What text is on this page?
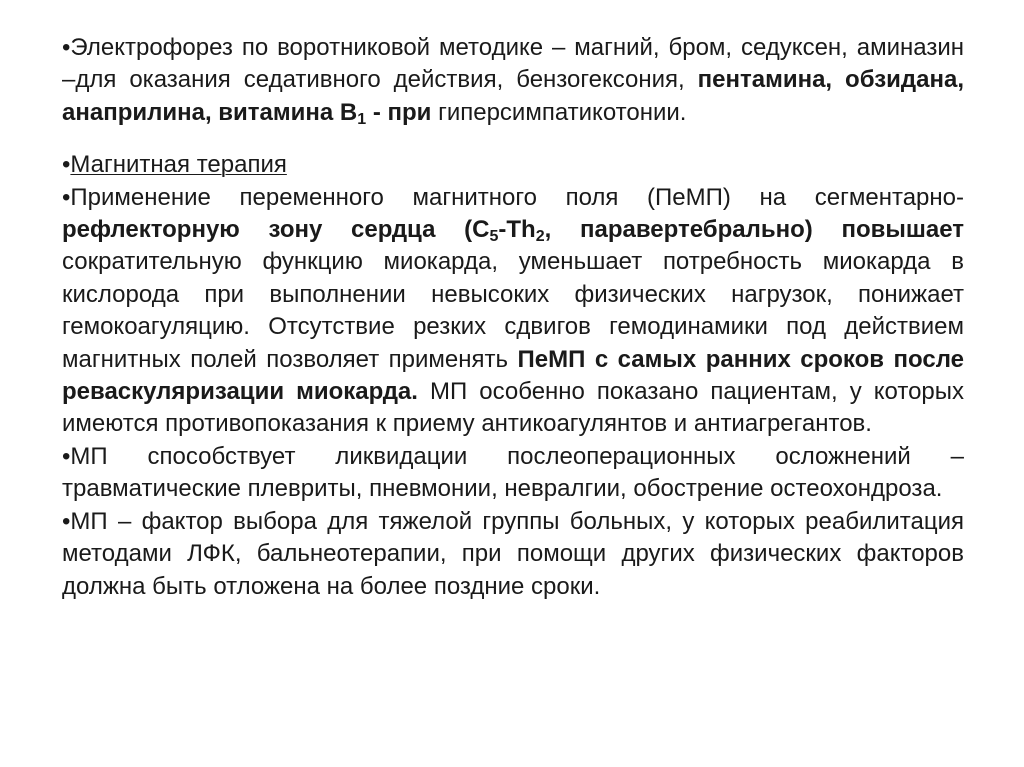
•Электрофорез по воротниковой методике – магний, бром, седуксен, аминазин –для оказания седативного действия, бензогексония, пентамина, обзидана, анаприлина, витамина $В_1$ - при гиперсимпатикотонии.

•Магнитная терапия

•Применение переменного магнитного поля (ПеМП) на сегментарно-рефлекторную зону сердца ($С_5-Th_2$, паравертебрально) повышает сократительную функцию миокарда, уменьшает потребность миокарда в кислорода при выполнении невысоких физических нагрузок, понижает гемокоагуляцию. Отсутствие резких сдвигов гемодинамики под действием магнитных полей позволяет применять ПеМП с самых ранних сроков после реваскуляризации миокарда. МП особенно показано пациентам, у которых имеются противопоказания к приему антикоагулянтов и антиагрегантов.

•МП способствует ликвидации послеоперационных осложнений – травматические плевриты, пневмонии, невралгии, обострение остеохондроза.

•МП – фактор выбора для тяжелой группы больных, у которых реабилитация методами ЛФК, бальнеотерапии, при помощи других физических факторов должна быть отложена на более поздние сроки.
